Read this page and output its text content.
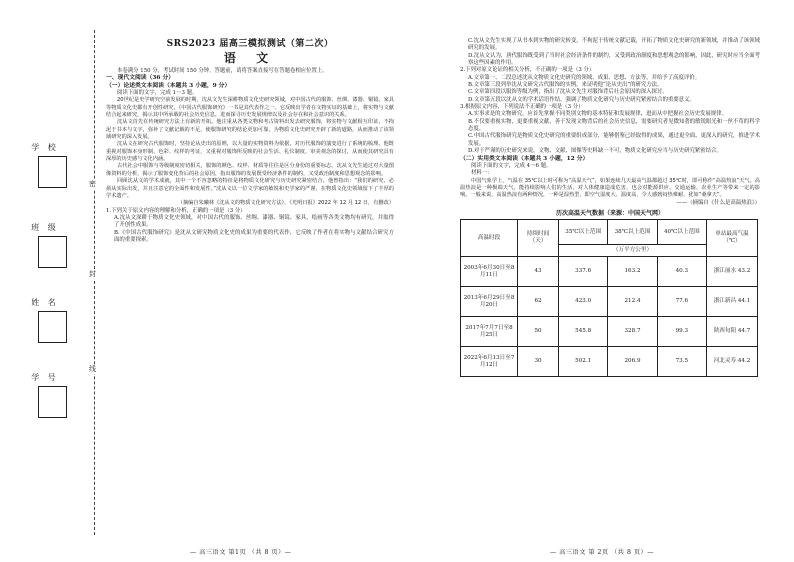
密
封
线
学 校
班 级
姓 名
学 号
SRS2023 届高三模拟测试（第二次）
语 文

本卷满分 150 分，考试时间 150 分钟。答题前，请将答案直接写在答题卷相应位置上。

一、现代文阅读（36 分）
（一）论述类文本阅读（本题共 3 小题，9 分）

阅读下面的文字，完成 1～3 题。

20世纪是史学研究空前发展的时期，沈从文先生深耕物质文化史研究领域，对中国古代的服饰、丝绸、漆器、铜镜、家具等物质文化史都有开创性研究，《中国古代服饰研究》一书是其代表作之一。它反映出学者在文物实证的基础上，将实物与文献结合起来研究，揭示其中所承载的社会历史信息，进而探寻历史发展规律以及社会存在和社会意识的关系。

沈从文首先在传统研究方法上有新的开拓。他注重从各类文物和考古资料出发去研究服饰，将实物与文献相互印证，不拘泥于书本与文字，弥补了文献记载的不足，使服饰研究的结论更加可靠，为物质文化史研究开辟了新的道路，从而推动了该领域研究的深入发展。

沈从文在研究古代服饰时，坚持论从史出的原则，以大量的实物资料为依据，对历代服饰的演变进行了系统的梳理。他既重视对服饰本身形制、色彩、纹样的考证，又重视对服饰所反映的社会生活、礼仪制度、审美观念的探讨，从而使其研究具有深厚的历史感与文化内涵。

古代社会中服饰与等级制度密切相关，服饰的颜色、纹样、材质等往往是区分身份的重要标志。沈从文先生通过对大量图像资料的分析，揭示了服饰变化背后的社会原因，指出服饰的发展既受经济条件的制约，又受政治制度和思想观念的影响。

回顾沈从文的学术成就，其中一个不容忽略的特征是将物质文化研究与历史研究紧密结合。他曾指出：“我们的研究，必须从实际出发，并且注意它的全面性和发展性。”沈从文以一位文学家的敏锐和史学家的严谨，在物质文化史领域留下了丰厚的学术遗产。

（摘编自朱曦林《沈从文的物质文化研究方法》，《光明日报》2022 年 12 月 12 日，有删改）

1.下列关于原文内容的理解和分析，正确的一项是（3 分）

A.沈从文深耕于物质文化史领域，对中国古代的服饰、丝绸、漆器、铜镜、家具、绘画等各类文物均有研究，并取得了开创性成果。

B.《中国古代服饰研究》是沈从文研究物质文化史的成果为重要的代表作，它反映了作者在将实物与文献结合研究方面的重要探索。

— 高三语文 第1页 （共 8 页）—

C.沈从文先生实现了从书本到实物的研究转变，不拘泥于传统文献记载，开拓了物质文化史研究的新领域，并推动了该领域研究的发展。

D.沈从文认为，唐代服饰既受到了当时社会经济条件的制约，又受到政治制度和思想观念的影响，因此，研究时应当全面考察这些因素的作用。

2.下列对原文论证的相关分析，不正确的一项是（3 分）

A.文章第一、二段总述沈从文物质文化史研究的领域、成果、思想、方法等，并给予了高度评价。

B.文章第三段列举沈从文研究古代服饰的实例，来证明他“论从史出”的研究方法。

C.文章第四段以服饰等级为例，指出了沈从文先生对服饰背后社会原因的深入探讨。

D.文章第五段以沈从文的学术话语作结，强调了物质文化研究与历史研究紧密结合的重要意义。

3.根据原文内容，下列说法不正确的一项是（3 分）

A.实事求是的文物研究，应首先掌握不同类别文物的基本特征和发展规律，进而从中把握社会历史发展规律。

B.不仅要重视实物，更要重视文献，善于发现文物背后的社会历史信息，需要研究者见微知著的敏锐眼光和一丝不苟的科学态度。

C.中国古代服饰研究是物质文化史研究的重要组成部分，能够借鉴已经取得的成果，通过更全面、更深入的研究，推进学术发展。

D.对于严谨的历史研究来说，文物、文献、图像等史料缺一不可，物质文化研究应当与历史研究紧密结合。

（二）实用类文本阅读（本题共 3 小题，12 分）

阅读下面的文字，完成 4～6 题。

材料一：

中国气象学上，气温在 35℃以上时可称为“高温天气”，如果连续几天最高气温都超过 35℃时，即可称作“高温热浪”天气。高温热浪是一种极端天气，能持续影响人们的生活，对人体健康造成危害，也会对能源供应、交通运输、农业生产等带来一定的影响。一般来说，高温热浪有两种情况，一种是湿热型，即空气湿度大、温度高，令人感到闷热难耐，犹如“桑拿天”。

——（摘编自《什么是高温热浪》）

历次高温天气数据（来源：中国天气网）
高温时段	持续时间（天）	35℃以上范围	38℃以上范围	40℃以上范围	单站最高气温（℃）
		（万平方公里）			
2003年6月30日至8月11日	43	337.6	163.2	40.3	浙江丽水 43.2
2013年6月29日至8月20日	62	423.0	212.4	77.6	浙江新昌 44.1
2017年7月7日至8月25日	50	545.8	328.7	99.3	陕西旬阳 44.7
2022年6月13日至7月12日	30	502.1	206.9	73.5	河北灵寿 44.2
— 高三语文 第 2页 （共 8 页）—
